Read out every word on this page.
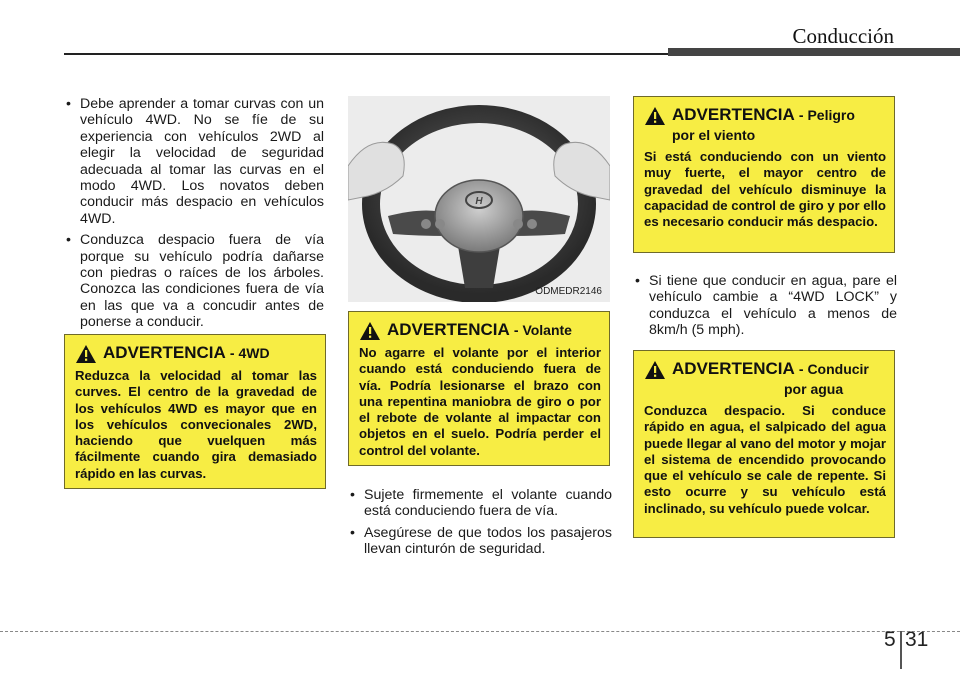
Conducción
• Debe aprender a tomar curvas con un vehículo 4WD. No se fíe de su experiencia con vehículos 2WD al elegir la velocidad de seguridad adecuada al tomar las curvas en el modo 4WD. Los novatos deben conducir más despacio en vehículos 4WD.
• Conduzca despacio fuera de vía porque su vehículo podría dañarse con piedras o raíces de los árboles. Conozca las condiciones fuera de vía en las que va a concudir antes de ponerse a conducir.
ADVERTENCIA - 4WD
Reduzca la velocidad al tomar las curves. El centro de la gravedad de los vehículos 4WD es mayor que en los vehículos convecionales 2WD, haciendo que vuelquen más fácilmente cuando gira demasiado rápido en las curvas.
H
ODMEDR2146
ADVERTENCIA - Volante
No agarre el volante por el interior cuando está conduciendo fuera de vía. Podría lesionarse el brazo con una repentina maniobra de giro o por el rebote de volante al impactar con objetos en el suelo. Podría perder el control del volante.
• Sujete firmemente el volante cuando está conduciendo fuera de vía.
• Asegúrese de que todos los pasajeros llevan cinturón de seguridad.
ADVERTENCIA - Peligro
por el viento
Si está conduciendo con un viento muy fuerte, el mayor centro de gravedad del vehículo disminuye la capacidad de control de giro y por ello es necesario conducir más despacio.
• Si tiene que conducir en agua, pare el vehículo cambie a “4WD LOCK” y conduzca el vehículo a menos de 8km/h (5 mph).
ADVERTENCIA - Conducir
por agua
Conduzca despacio. Si conduce rápido en agua, el salpicado del agua puede llegar al vano del motor y mojar el sistema de encendido provocando que el vehículo se cale de repente. Si esto ocurre y su vehículo está inclinado, su vehículo puede volcar.
5 31
